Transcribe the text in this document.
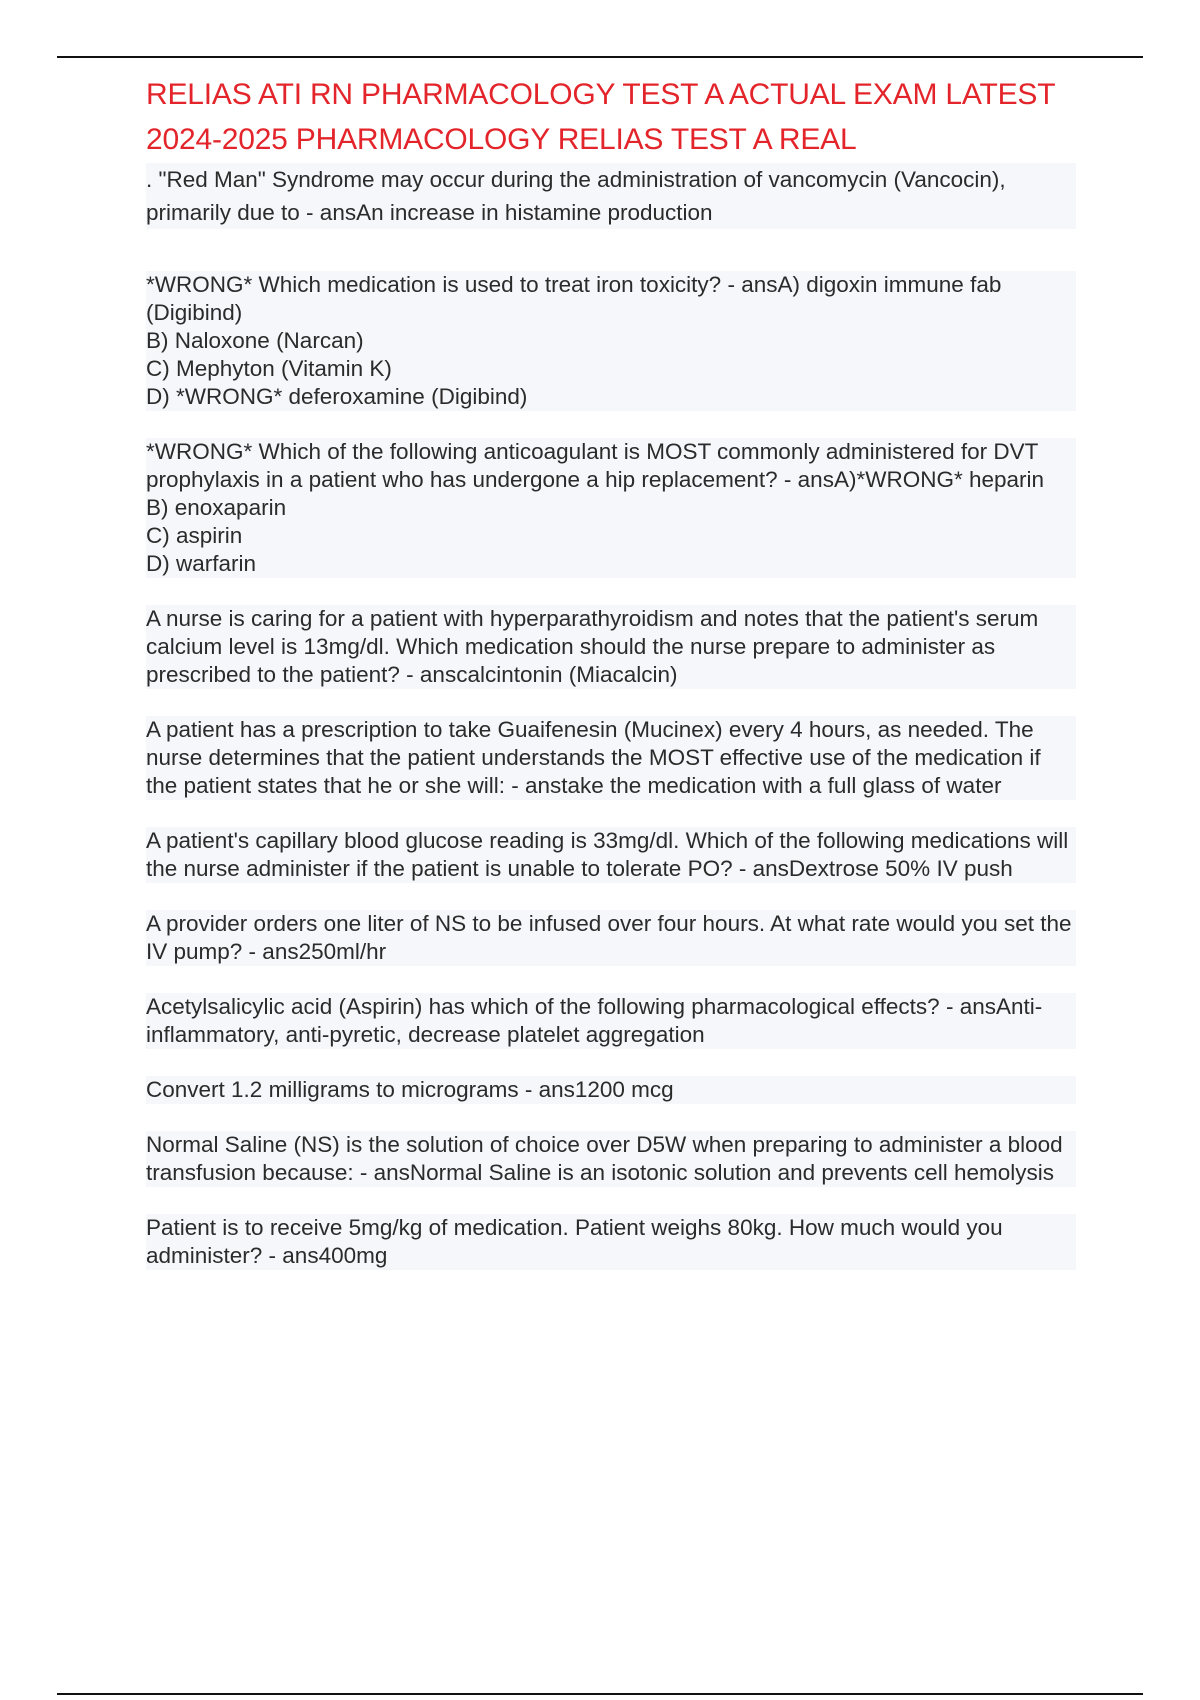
RELIAS ATI RN PHARMACOLOGY TEST A ACTUAL EXAM LATEST
2024-2025 PHARMACOLOGY RELIAS TEST A REAL
. "Red Man" Syndrome may occur during the administration of vancomycin (Vancocin), primarily due to - ansAn increase in histamine production
*WRONG* Which medication is used to treat iron toxicity? - ansA) digoxin immune fab (Digibind)
B) Naloxone (Narcan)
C) Mephyton (Vitamin K)
D) *WRONG* deferoxamine (Digibind)
*WRONG* Which of the following anticoagulant is MOST commonly administered for DVT prophylaxis in a patient who has undergone a hip replacement? - ansA)*WRONG* heparin
B) enoxaparin
C) aspirin
D) warfarin
A nurse is caring for a patient with hyperparathyroidism and notes that the patient's serum calcium level is 13mg/dl. Which medication should the nurse prepare to administer as prescribed to the patient? - anscalcintonin (Miacalcin)
A patient has a prescription to take Guaifenesin (Mucinex) every 4 hours, as needed. The nurse determines that the patient understands the MOST effective use of the medication if the patient states that he or she will: - anstake the medication with a full glass of water
A patient's capillary blood glucose reading is 33mg/dl. Which of the following medications will the nurse administer if the patient is unable to tolerate PO? - ansDextrose 50% IV push
A provider orders one liter of NS to be infused over four hours. At what rate would you set the IV pump? - ans250ml/hr
Acetylsalicylic acid (Aspirin) has which of the following pharmacological effects? - ansAnti-inflammatory, anti-pyretic, decrease platelet aggregation
Convert 1.2 milligrams to micrograms - ans1200 mcg
Normal Saline (NS) is the solution of choice over D5W when preparing to administer a blood transfusion because: - ansNormal Saline is an isotonic solution and prevents cell hemolysis
Patient is to receive 5mg/kg of medication. Patient weighs 80kg. How much would you administer? - ans400mg
